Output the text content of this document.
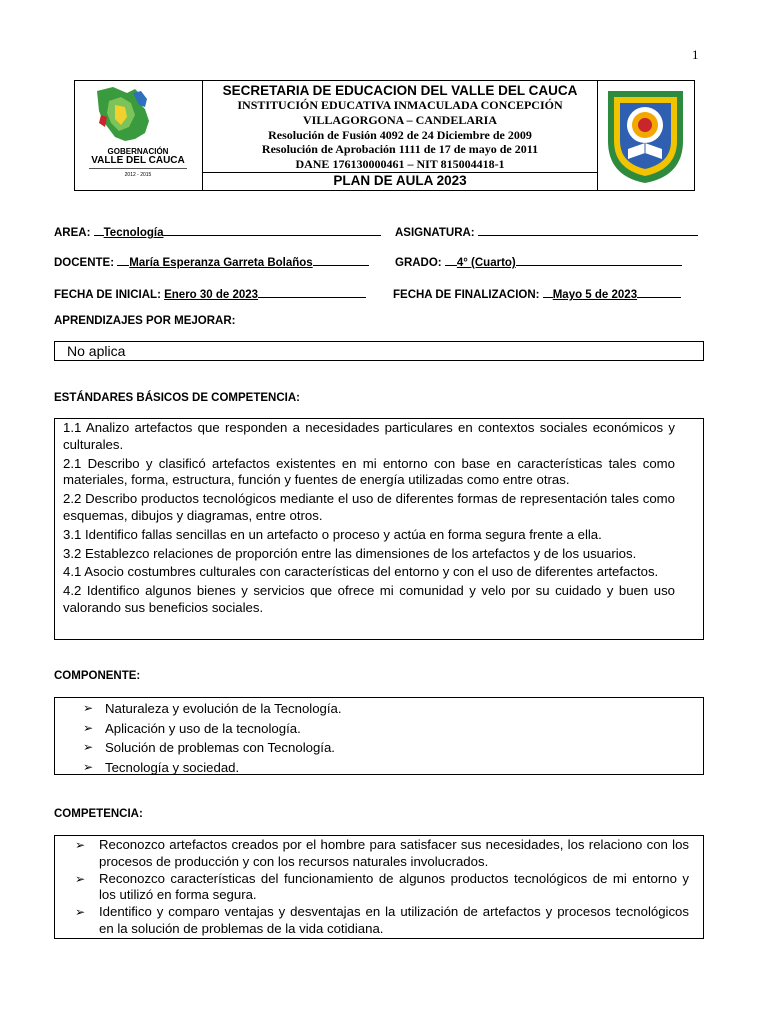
1
GOBERNACIÓN
VALLE DEL CAUCA
2012 - 2015
SECRETARIA DE EDUCACION DEL VALLE DEL CAUCA
INSTITUCIÓN EDUCATIVA INMACULADA CONCEPCIÓN
VILLAGORGONA – CANDELARIA
Resolución de Fusión 4092 de 24 Diciembre de 2009
Resolución de Aprobación 1111 de 17 de mayo de 2011
DANE 176130000461 – NIT 815004418-1
PLAN DE AULA 2023
AREA: Tecnología	ASIGNATURA:
DOCENTE: María Esperanza Garreta Bolaños	GRADO: 4° (Cuarto)
FECHA DE INICIAL: Enero 30 de 2023	FECHA DE FINALIZACION: Mayo 5 de 2023
APRENDIZAJES POR MEJORAR:
No aplica
ESTÁNDARES BÁSICOS DE COMPETENCIA:

1.1 Analizo artefactos que responden a necesidades particulares en contextos sociales económicos y culturales.

2.1 Describo y clasificó artefactos existentes en mi entorno con base en características tales como materiales, forma, estructura, función y fuentes de energía utilizadas como entre otras.

2.2 Describo productos tecnológicos mediante el uso de diferentes formas de representación tales como esquemas, dibujos y diagramas, entre otros.

3.1 Identifico fallas sencillas en un artefacto o proceso y actúa en forma segura frente a ella.

3.2 Establezco relaciones de proporción entre las dimensiones de los artefactos y de los usuarios.

4.1 Asocio costumbres culturales con características del entorno y con el uso de diferentes artefactos.

4.2 Identifico algunos bienes y servicios que ofrece mi comunidad y velo por su cuidado y buen uso valorando sus beneficios sociales.

COMPONENTE:
➢ Naturaleza y evolución de la Tecnología.
➢ Aplicación y uso de la tecnología.
➢ Solución de problemas con Tecnología.
➢ Tecnología y sociedad.
COMPETENCIA:
➢ Reconozco artefactos creados por el hombre para satisfacer sus necesidades, los relaciono con los procesos de producción y con los recursos naturales involucrados.
➢ Reconozco características del funcionamiento de algunos productos tecnológicos de mi entorno y los utilizó en forma segura.
➢ Identifico y comparo ventajas y desventajas en la utilización de artefactos y procesos tecnológicos en la solución de problemas de la vida cotidiana.
